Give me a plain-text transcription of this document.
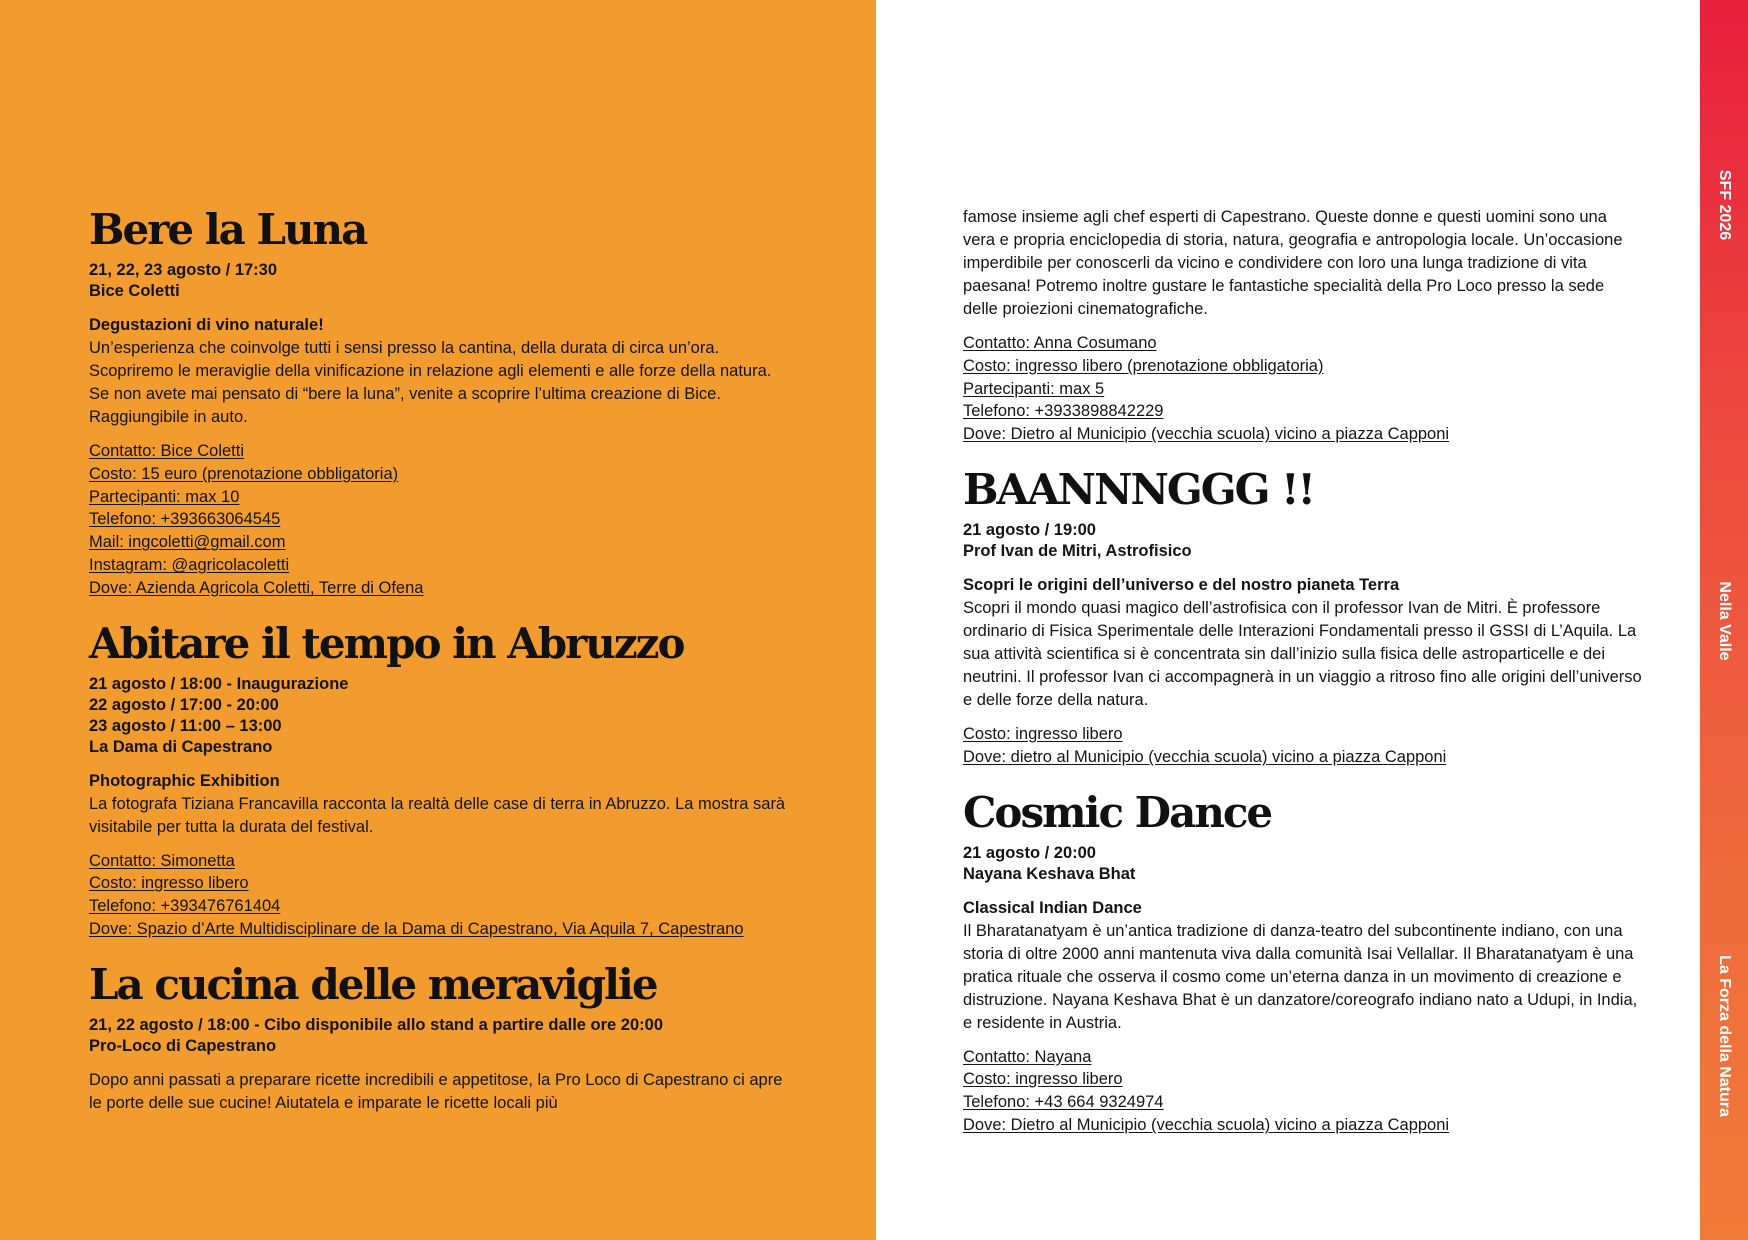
SFF 2026
Nella Valle
La Forza della Natura
Bere la Luna

21, 22, 23 agosto / 17:30

Bice Coletti

Degustazioni di vino naturale!

Un’esperienza che coinvolge tutti i sensi presso la cantina, della durata di circa un’ora. Scopriremo le meraviglie della vinificazione in relazione agli elementi e alle forze della natura. Se non avete mai pensato di “bere la luna”, venite a scoprire l’ultima creazione di Bice. Raggiungibile in auto.

Contatto: Bice Coletti
Costo: 15 euro (prenotazione obbligatoria)
Partecipanti: max 10
Telefono: +393663064545
Mail: ingcoletti@gmail.com
Instagram: @agricolacoletti
Dove: Azienda Agricola Coletti, Terre di Ofena
Abitare il tempo in Abruzzo

21 agosto / 18:00 - Inaugurazione

22 agosto / 17:00 - 20:00

23 agosto / 11:00 – 13:00

La Dama di Capestrano

Photographic Exhibition

La fotografa Tiziana Francavilla racconta la realtà delle case di terra in Abruzzo. La mostra sarà visitabile per tutta la durata del festival.

Contatto: Simonetta
Costo: ingresso libero
Telefono: +393476761404
Dove: Spazio d’Arte Multidisciplinare de la Dama di Capestrano, Via Aquila 7, Capestrano
La cucina delle meraviglie

21, 22 agosto / 18:00 - Cibo disponibile allo stand a partire dalle ore 20:00

Pro-Loco di Capestrano

Dopo anni passati a preparare ricette incredibili e appetitose, la Pro Loco di Capestrano ci apre le porte delle sue cucine! Aiutatela e imparate le ricette locali più

famose insieme agli chef esperti di Capestrano. Queste donne e questi uomini sono una vera e propria enciclopedia di storia, natura, geografia e antropologia locale. Un’occasione imperdibile per conoscerli da vicino e condividere con loro una lunga tradizione di vita paesana! Potremo inoltre gustare le fantastiche specialità della Pro Loco presso la sede delle proiezioni cinematografiche.

Contatto: Anna Cosumano
Costo: ingresso libero (prenotazione obbligatoria)
Partecipanti: max 5
Telefono: +3933898842229
Dove: Dietro al Municipio (vecchia scuola) vicino a piazza Capponi
BAANNNGGG !!

21 agosto / 19:00

Prof Ivan de Mitri, Astrofisico

Scopri le origini dell’universo e del nostro pianeta Terra

Scopri il mondo quasi magico dell’astrofisica con il professor Ivan de Mitri. È professore ordinario di Fisica Sperimentale delle Interazioni Fondamentali presso il GSSI di L’Aquila. La sua attività scientifica si è concentrata sin dall’inizio sulla fisica delle astroparticelle e dei neutrini. Il professor Ivan ci accompagnerà in un viaggio a ritroso fino alle origini dell’universo e delle forze della natura.

Costo: ingresso libero
Dove: dietro al Municipio (vecchia scuola) vicino a piazza Capponi
Cosmic Dance

21 agosto / 20:00

Nayana Keshava Bhat

Classical Indian Dance

Il Bharatanatyam è un’antica tradizione di danza-teatro del subcontinente indiano, con una storia di oltre 2000 anni mantenuta viva dalla comunità Isai Vellallar. Il Bharatanatyam è una pratica rituale che osserva il cosmo come un’eterna danza in un movimento di creazione e distruzione. Nayana Keshava Bhat è un danzatore/coreografo indiano nato a Udupi, in India, e residente in Austria.

Contatto: Nayana
Costo: ingresso libero
Telefono: +43 664 9324974
Dove: Dietro al Municipio (vecchia scuola) vicino a piazza Capponi
